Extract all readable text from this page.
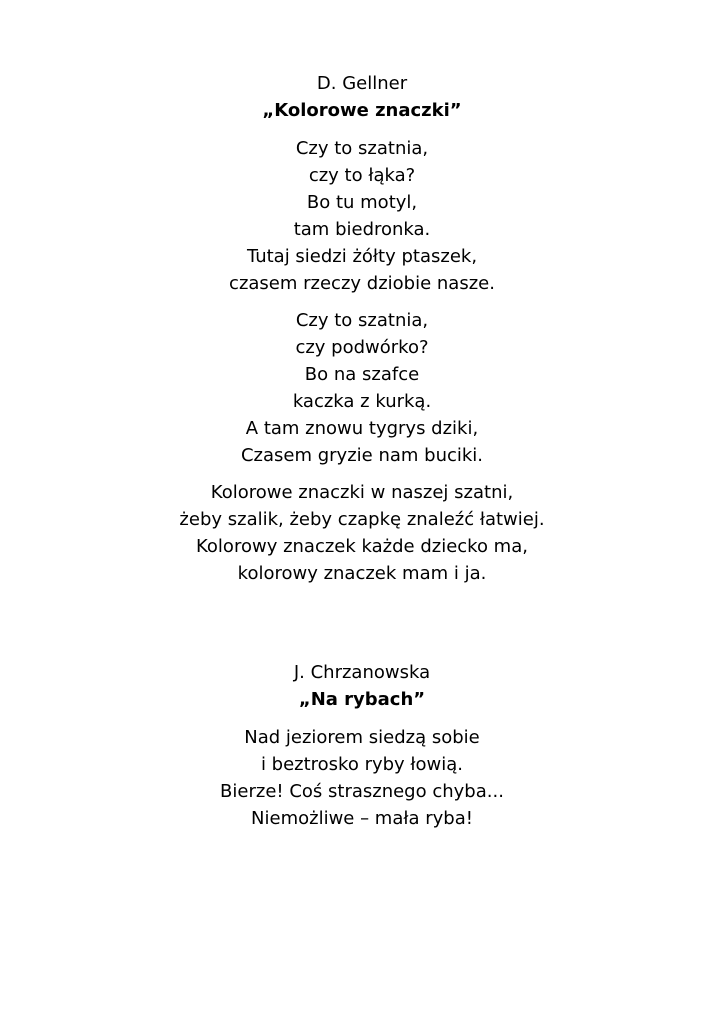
D. Gellner
„Kolorowe znaczki”
Czy to szatnia,
czy to łąka?
Bo tu motyl,
tam biedronka.
Tutaj siedzi żółty ptaszek,
czasem rzeczy dziobie nasze.
Czy to szatnia,
czy podwórko?
Bo na szafce
kaczka z kurką.
A tam znowu tygrys dziki,
Czasem gryzie nam buciki.
Kolorowe znaczki w naszej szatni,
żeby szalik, żeby czapkę znaleźć łatwiej.
Kolorowy znaczek każde dziecko ma,
kolorowy znaczek mam i ja.
J. Chrzanowska
„Na rybach”
Nad jeziorem siedzą sobie
i beztrosko ryby łowią.
Bierze! Coś strasznego chyba...
Niemożliwe – mała ryba!
